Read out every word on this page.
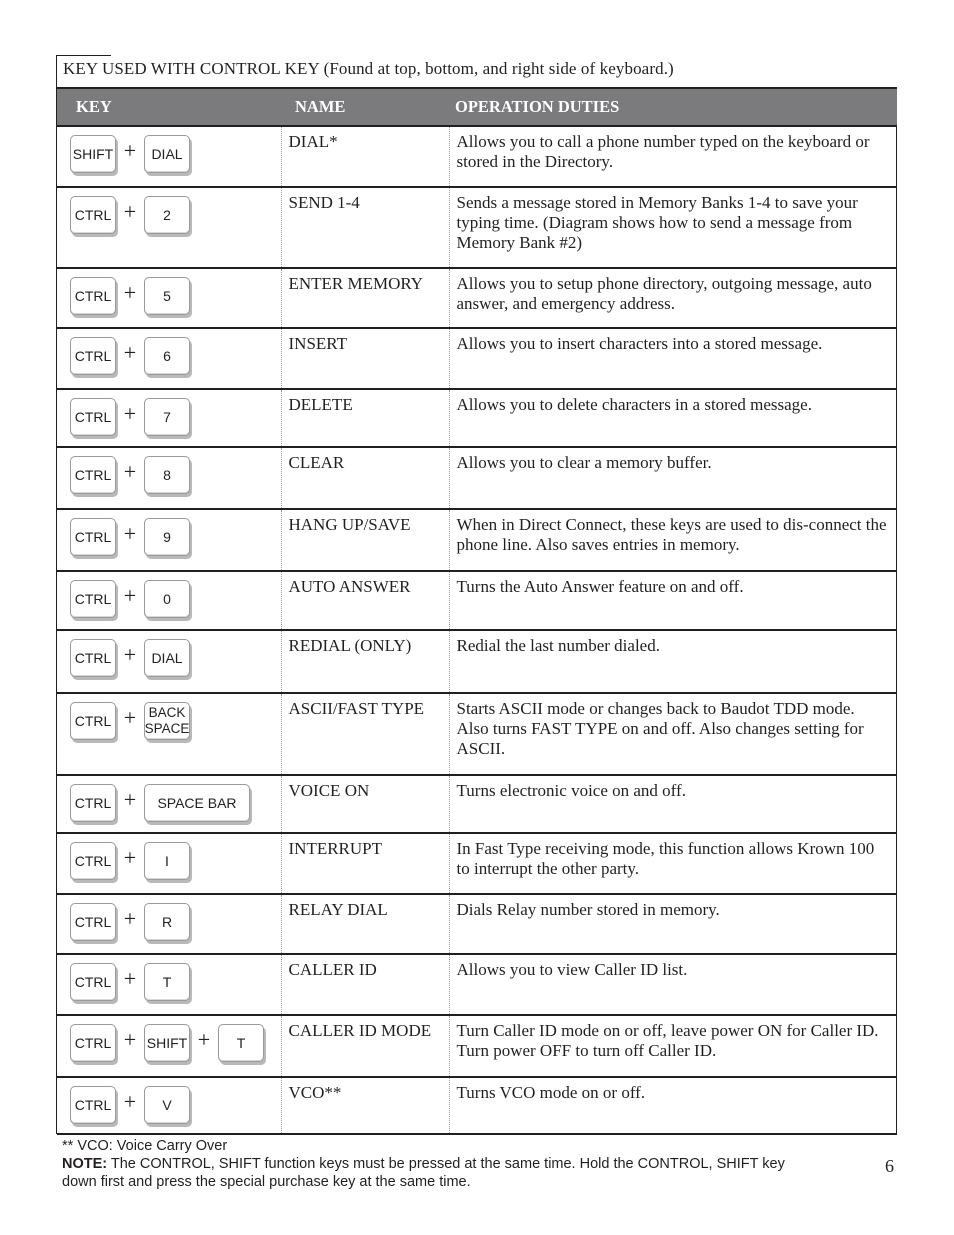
KEY USED WITH CONTROL KEY (Found at top, bottom, and right side of keyboard.)
KEY	NAME	OPERATION DUTIES

SHIFT + DIAL	DIAL*	Allows you to call a phone number typed on the keyboard or stored in the Directory.

CTRL + 2	SEND 1-4	Sends a message stored in Memory Banks 1-4 to save your typing time. (Diagram shows how to send a message from Memory Bank #2)

CTRL + 5	ENTER MEMORY	Allows you to setup phone directory, outgoing message, auto answer, and emergency address.

CTRL + 6	INSERT	Allows you to insert characters into a stored message.

CTRL + 7	DELETE	Allows you to delete characters in a stored message.

CTRL + 8	CLEAR	Allows you to clear a memory buffer.

CTRL + 9	HANG UP/SAVE	When in Direct Connect, these keys are used to dis-connect the phone line. Also saves entries in memory.

CTRL + 0	AUTO ANSWER	Turns the Auto Answer feature on and off.

CTRL + DIAL	REDIAL (ONLY)	Redial the last number dialed.

CTRL + BACK
SPACE	ASCII/FAST TYPE	Starts ASCII mode or changes back to Baudot TDD mode. Also turns FAST TYPE on and off. Also changes setting for ASCII.

CTRL + SPACE BAR	VOICE ON	Turns electronic voice on and off.

CTRL + I	INTERRUPT	In Fast Type receiving mode, this function allows Krown 100 to interrupt the other party.

CTRL + R	RELAY DIAL	Dials Relay number stored in memory.

CTRL + T	CALLER ID	Allows you to view Caller ID list.

CTRL + SHIFT + T	CALLER ID MODE	Turn Caller ID mode on or off, leave power ON for Caller ID. Turn power OFF to turn off Caller ID.

CTRL + V	VCO**	Turns VCO mode on or off.
** VCO: Voice Carry Over
NOTE: The CONTROL, SHIFT function keys must be pressed at the same time. Hold the CONTROL, SHIFT key down first and press the special purchase key at the same time.
6
